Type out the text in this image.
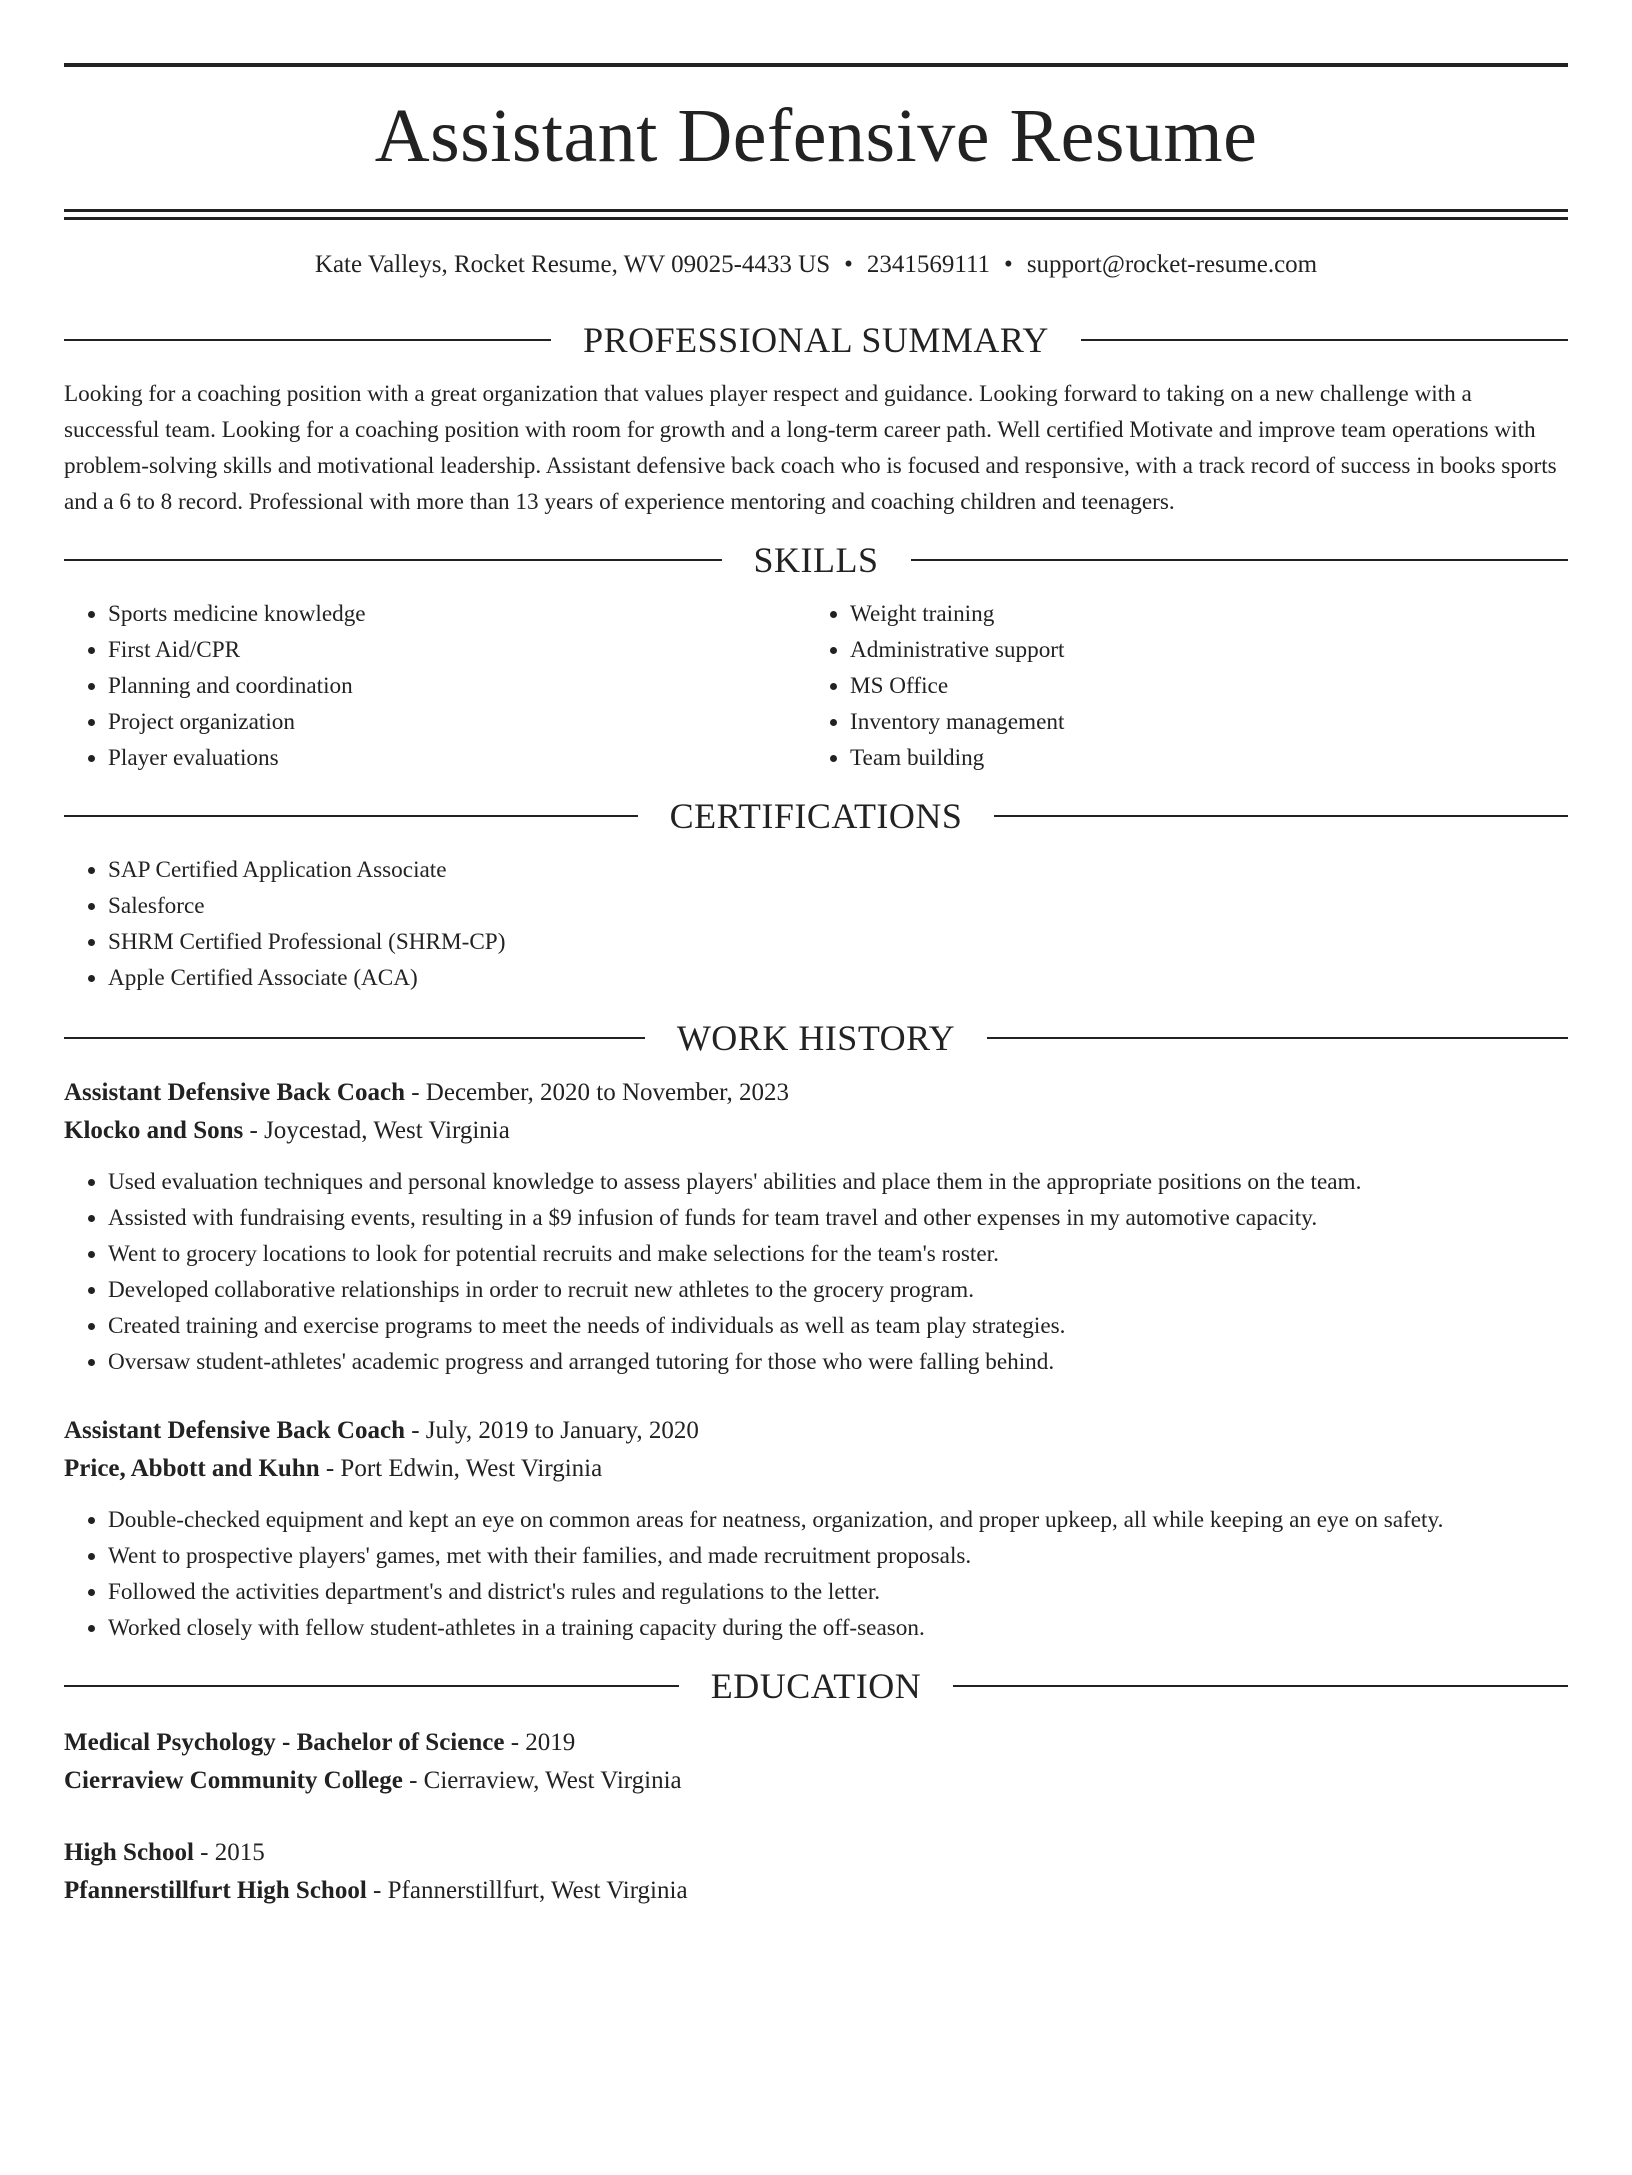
Assistant Defensive Resume
Kate Valleys, Rocket Resume, WV 09025-4433 US • 2341569111 • support@rocket-resume.com
PROFESSIONAL SUMMARY

Looking for a coaching position with a great organization that values player respect and guidance. Looking forward to taking on a new challenge with a successful team. Looking for a coaching position with room for growth and a long-term career path. Well certified Motivate and improve team operations with problem-solving skills and motivational leadership. Assistant defensive back coach who is focused and responsive, with a track record of success in books sports and a 6 to 8 record. Professional with more than 13 years of experience mentoring and coaching children and teenagers.

SKILLS
• Sports medicine knowledge
• First Aid/CPR
• Planning and coordination
• Project organization
• Player evaluations
• Weight training
• Administrative support
• MS Office
• Inventory management
• Team building
CERTIFICATIONS
• SAP Certified Application Associate
• Salesforce
• SHRM Certified Professional (SHRM-CP)
• Apple Certified Associate (ACA)
WORK HISTORY
Assistant Defensive Back Coach - December, 2020 to November, 2023
Klocko and Sons - Joycestad, West Virginia
• Used evaluation techniques and personal knowledge to assess players' abilities and place them in the appropriate positions on the team.
• Assisted with fundraising events, resulting in a $9 infusion of funds for team travel and other expenses in my automotive capacity.
• Went to grocery locations to look for potential recruits and make selections for the team's roster.
• Developed collaborative relationships in order to recruit new athletes to the grocery program.
• Created training and exercise programs to meet the needs of individuals as well as team play strategies.
• Oversaw student-athletes' academic progress and arranged tutoring for those who were falling behind.
Assistant Defensive Back Coach - July, 2019 to January, 2020
Price, Abbott and Kuhn - Port Edwin, West Virginia
• Double-checked equipment and kept an eye on common areas for neatness, organization, and proper upkeep, all while keeping an eye on safety.
• Went to prospective players' games, met with their families, and made recruitment proposals.
• Followed the activities department's and district's rules and regulations to the letter.
• Worked closely with fellow student-athletes in a training capacity during the off-season.
EDUCATION
Medical Psychology - Bachelor of Science - 2019
Cierraview Community College - Cierraview, West Virginia
High School - 2015
Pfannerstillfurt High School - Pfannerstillfurt, West Virginia
